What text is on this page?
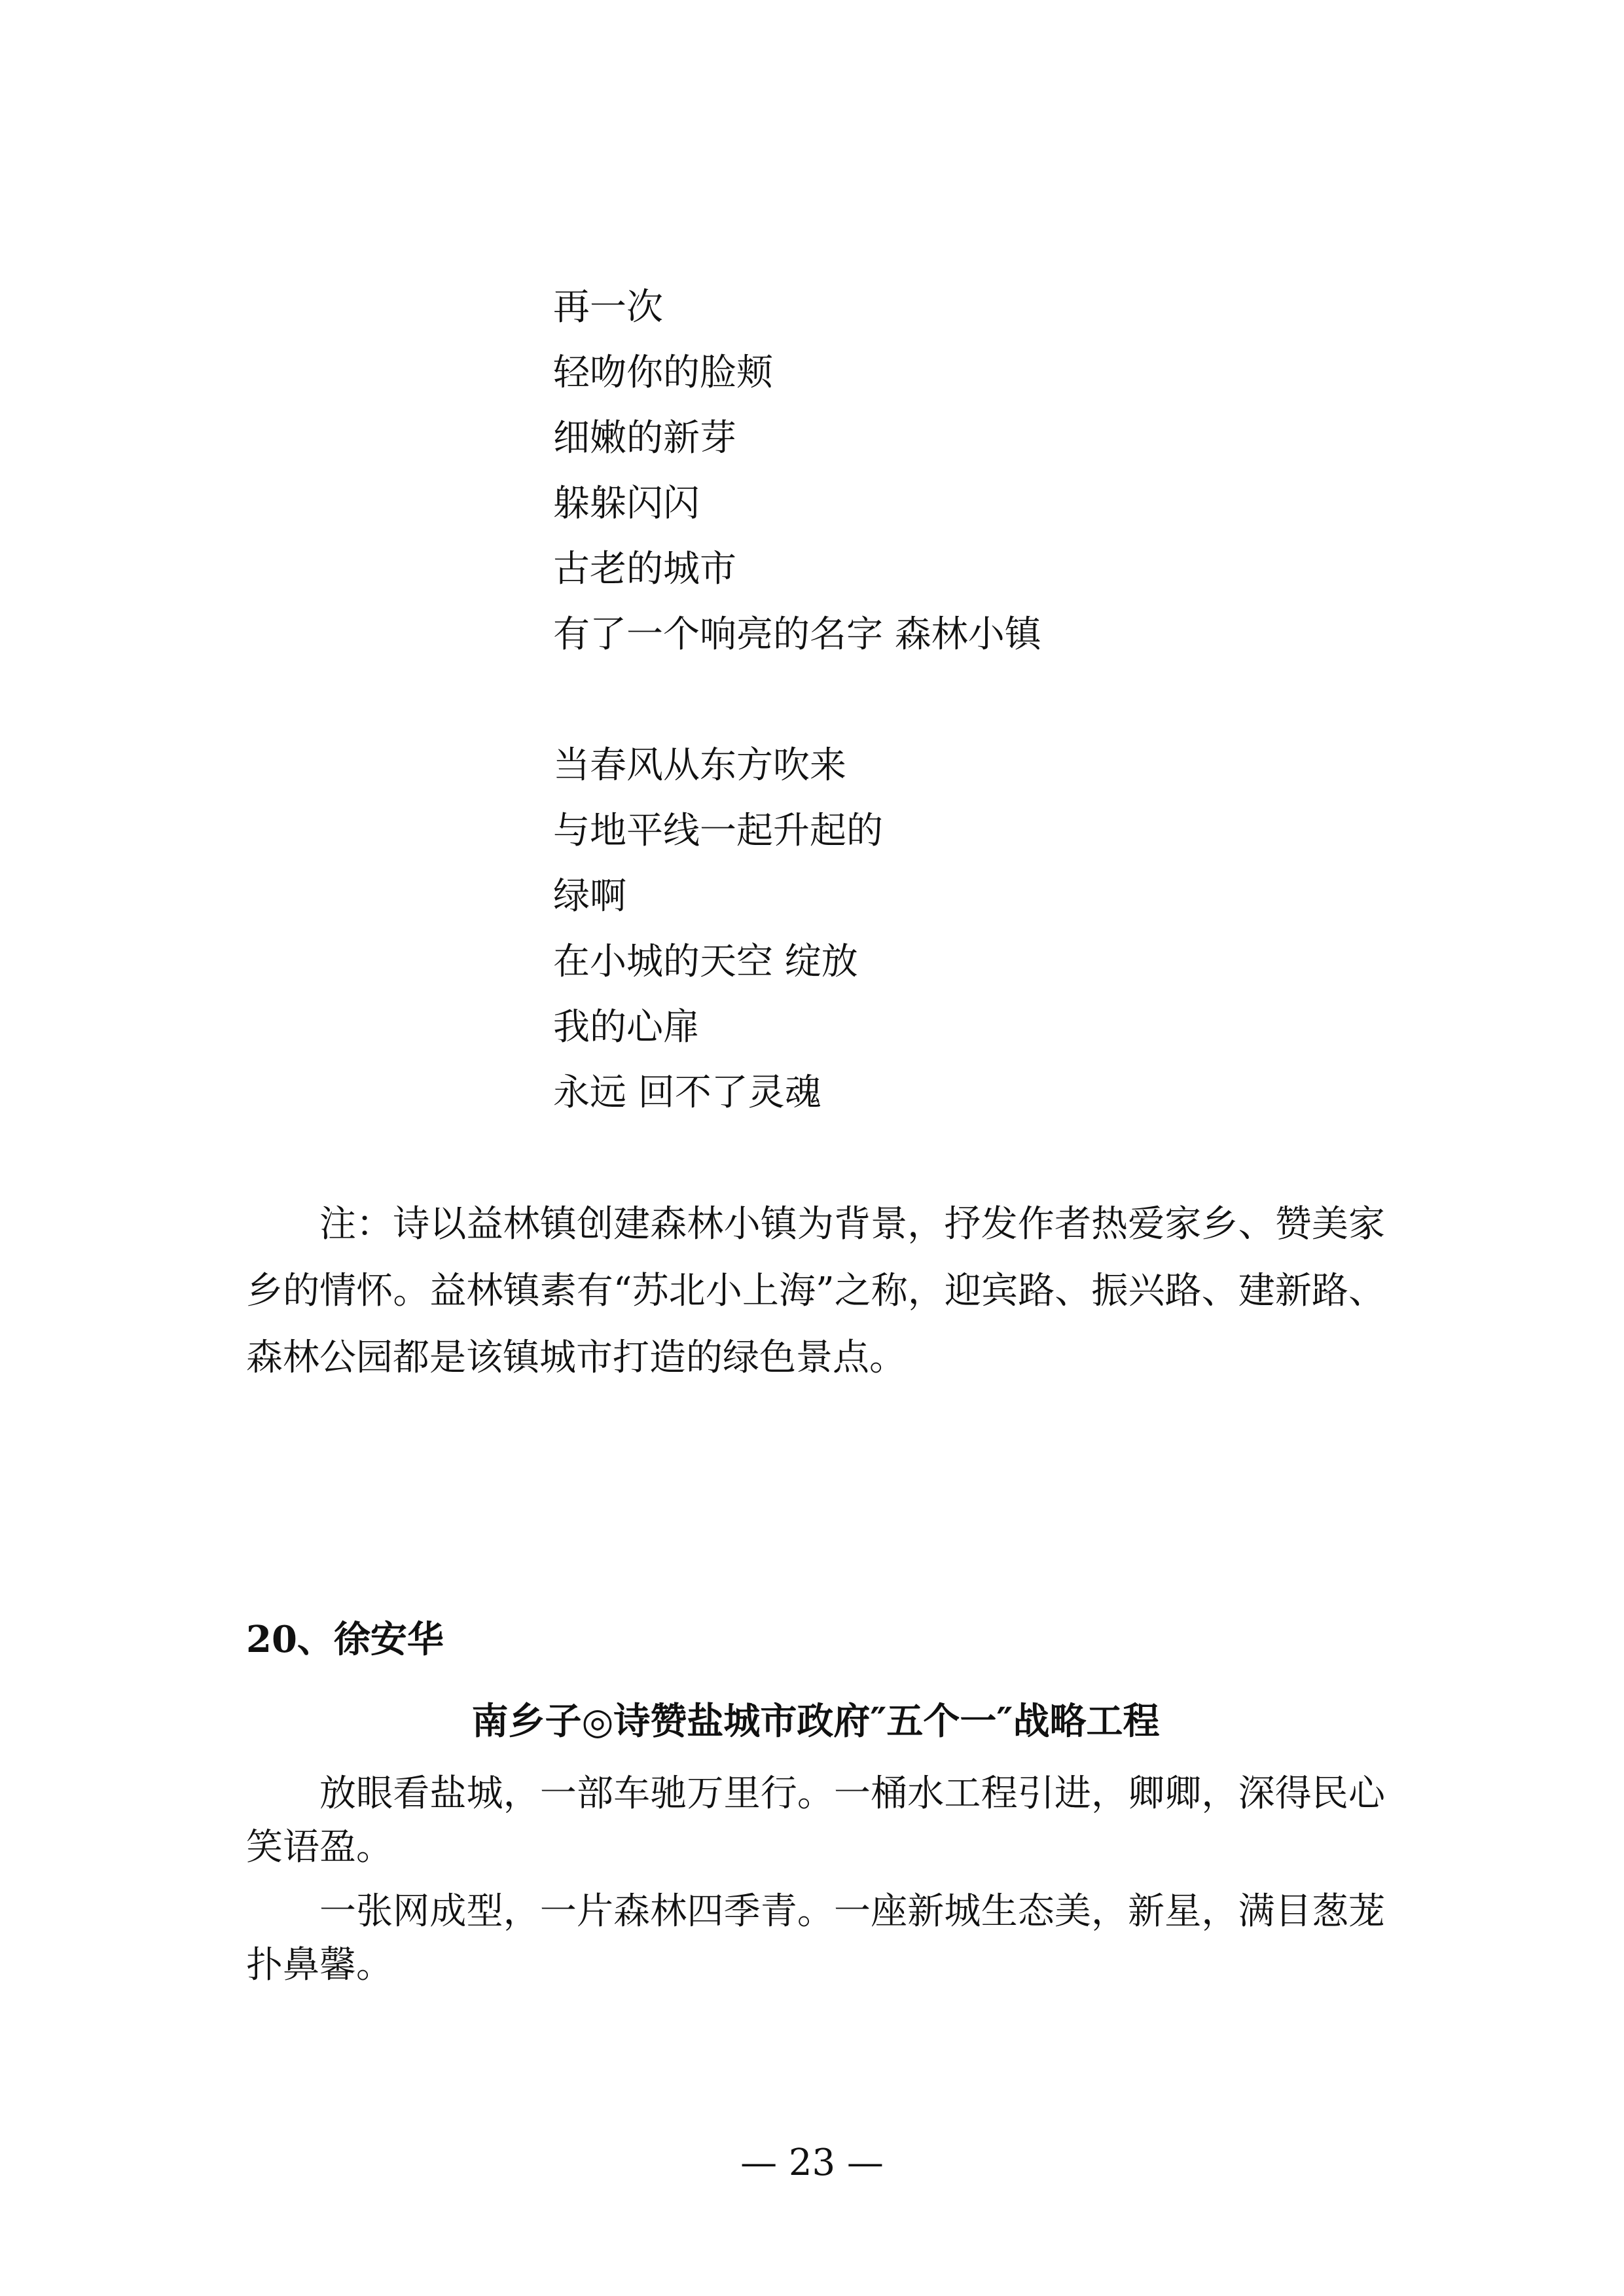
再一次
轻吻你的脸颊
细嫩的新芽
躲躲闪闪
古老的城市
有了一个响亮的名字 森林小镇
当春风从东方吹来
与地平线一起升起的
绿啊
在小城的天空 绽放
我的心扉
永远 回不了灵魂
注：诗以益林镇创建森林小镇为背景，抒发作者热爱家乡、赞美家乡的情怀。益林镇素有“苏北小上海”之称，迎宾路、振兴路、建新路、森林公园都是该镇城市打造的绿色景点。
20、徐安华
南乡子◎诗赞盐城市政府″五个一″战略工程
放眼看盐城，一部车驰万里行。一桶水工程引进，卿卿，深得民心笑语盈。
一张网成型，一片森林四季青。一座新城生态美，新星，满目葱茏扑鼻馨。
— 23 —
